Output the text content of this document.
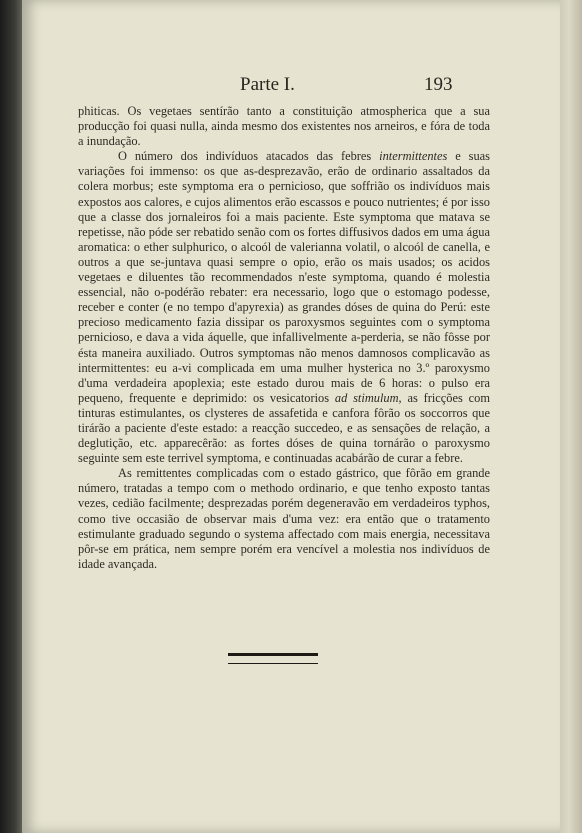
Parte I.	193

phiticas. Os vegetaes sentírão tanto a constituição atmospherica que a sua producção foi quasi nulla, ainda mesmo dos existentes nos arneiros, e fóra de toda a inundação.

O número dos indivíduos atacados das febres intermittentes e suas variações foi immenso: os que as-desprezavão, erão de ordinario assaltados da colera morbus; este symptoma era o pernicioso, que soffrião os indivíduos mais expostos aos calores, e cujos alimentos erão escassos e pouco nutrientes; é por isso que a classe dos jornaleiros foi a mais paciente. Este symptoma que matava se repetisse, não póde ser rebatido senão com os fortes diffusivos dados em uma água aromatica: o ether sulphurico, o alcoól de valerianna volatil, o alcoól de canella, e outros a que se-juntava quasi sempre o opio, erão os mais usados; os acidos vegetaes e diluentes tão recommendados n'este symptoma, quando é molestia essencial, não o-podérão rebater: era necessario, logo que o estomago podesse, receber e conter (e no tempo d'apyrexia) as grandes dóses de quina do Perú: este precioso medicamento fazia dissipar os paroxysmos seguintes com o symptoma pernicioso, e dava a vida áquelle, que infallivelmente a-perderia, se não fôsse por ésta maneira auxiliado. Outros symptomas não menos damnosos complicavão as intermittentes: eu a-vi complicada em uma mulher hysterica no 3.º paroxysmo d'uma verdadeira apoplexia; este estado durou mais de 6 horas: o pulso era pequeno, frequente e deprimido: os vesicatorios ad stimulum, as fricções com tinturas estimulantes, os clysteres de assafetida e canfora fôrão os soccorros que tirárão a paciente d'este estado: a reacção succedeo, e as sensações de relação, a deglutição, etc. apparecêrão: as fortes dóses de quina tornárão o paroxysmo seguinte sem este terrivel symptoma, e continuadas acabárão de curar a febre.

As remittentes complicadas com o estado gástrico, que fôrão em grande número, tratadas a tempo com o methodo ordinario, e que tenho exposto tantas vezes, cedião facilmente; desprezadas porém degeneravão em verdadeiros typhos, como tive occasião de observar mais d'uma vez: era então que o tratamento estimulante graduado segundo o systema affectado com mais energia, necessitava pôr-se em prática, nem sempre porém era vencível a molestia nos indivíduos de idade avançada.
